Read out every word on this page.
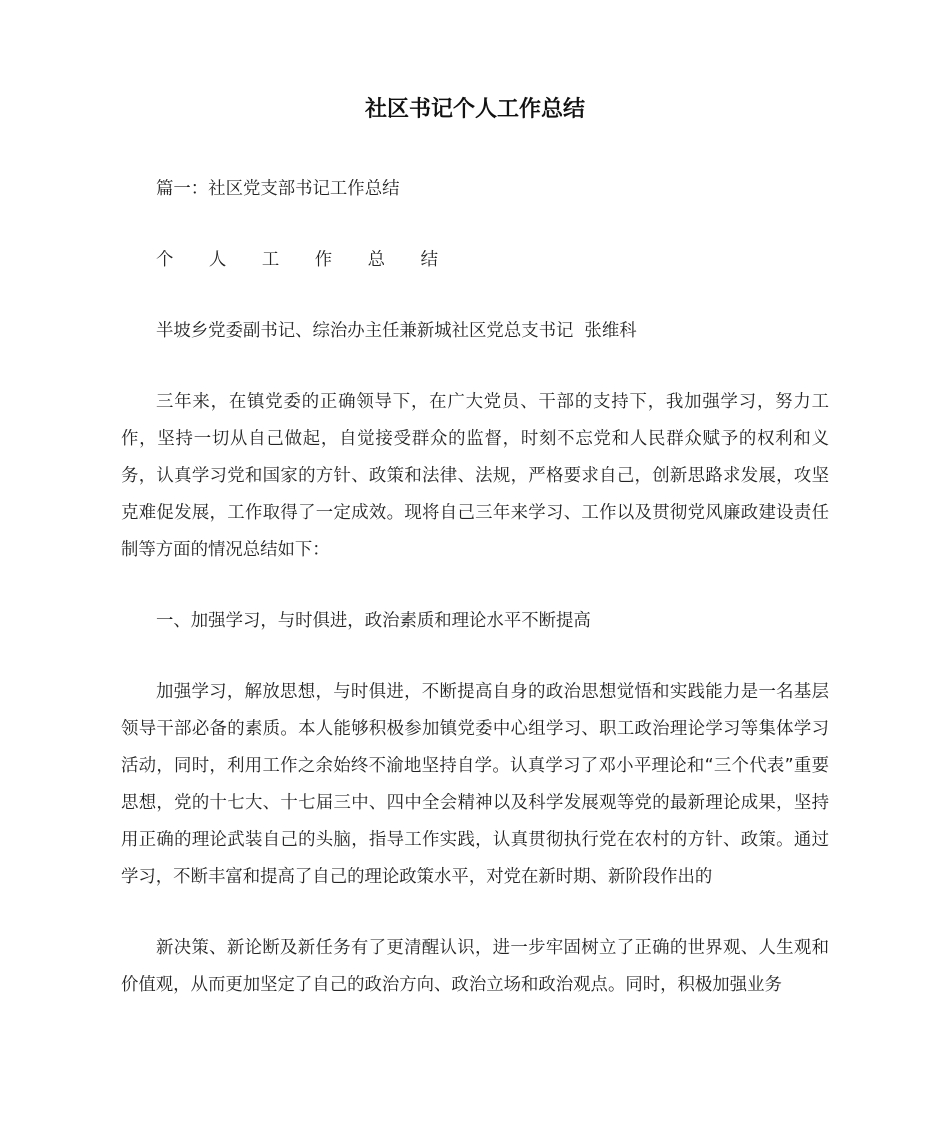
社区书记个人工作总结

篇一：社区党支部书记工作总结

个 人 工 作 总 结

半坡乡党委副书记、综治办主任兼新城社区党总支书记  张维科

三年来，在镇党委的正确领导下，在广大党员、干部的支持下，我加强学习，努力工作，坚持一切从自己做起，自觉接受群众的监督，时刻不忘党和人民群众赋予的权利和义务，认真学习党和国家的方针、政策和法律、法规，严格要求自己，创新思路求发展，攻坚克难促发展，工作取得了一定成效。现将自己三年来学习、工作以及贯彻党风廉政建设责任制等方面的情况总结如下：

一、加强学习，与时俱进，政治素质和理论水平不断提高

加强学习，解放思想，与时俱进，不断提高自身的政治思想觉悟和实践能力是一名基层领导干部必备的素质。本人能够积极参加镇党委中心组学习、职工政治理论学习等集体学习活动，同时，利用工作之余始终不渝地坚持自学。认真学习了邓小平理论和“三个代表”重要思想，党的十七大、十七届三中、四中全会精神以及科学发展观等党的最新理论成果，坚持用正确的理论武装自己的头脑，指导工作实践，认真贯彻执行党在农村的方针、政策。通过学习，不断丰富和提高了自己的理论政策水平，对党在新时期、新阶段作出的

新决策、新论断及新任务有了更清醒认识，进一步牢固树立了正确的世界观、人生观和价值观，从而更加坚定了自己的政治方向、政治立场和政治观点。同时，积极加强业务
